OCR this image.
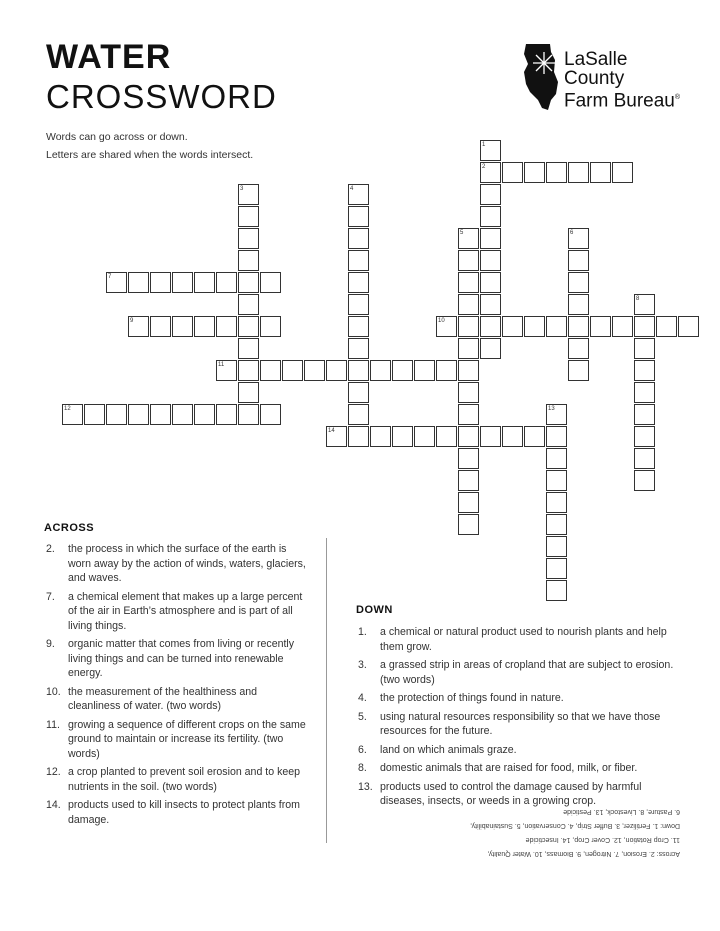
WATER
CROSSWORD
LaSalle County
Farm Bureau®
Words can go across or down.
Letters are shared when the words intersect.
1
2
3	4
5	6
7
8
9	10
11
12	13
14
ACROSS
2. the process in which the surface of the earth is worn away by the action of winds, waters, glaciers, and waves.
7. a chemical element that makes up a large percent of the air in Earth’s atmosphere and is part of all living things.
9. organic matter that comes from living or recently living things and can be turned into renewable energy.
10. the measurement of the healthiness and cleanliness of water. (two words)
11. growing a sequence of different crops on the same ground to maintain or increase its fertility. (two words)
12. a crop planted to prevent soil erosion and to keep nutrients in the soil. (two words)
14. products used to kill insects to protect plants from damage.
DOWN
1. a chemical or natural product used to nourish plants and help them grow.
3. a grassed strip in areas of cropland that are subject to erosion. (two words)
4. the protection of things found in nature.
5. using natural resources responsibility so that we have those resources for the future.
6. land on which animals graze.
8. domestic animals that are raised for food, milk, or fiber.
13. products used to control the damage caused by harmful diseases, insects, or weeds in a growing crop.
Across: 2. Erosion, 7. Nitrogen, 9. Biomass, 10. Water Quality,
11. Crop Rotation, 12. Cover Crop, 14. Insecticide
Down: 1. Fertilizer, 3. Buffer Strip, 4. Conservation, 5. Sustainability,
6. Pasture, 8. Livestock, 13. Pesticide
